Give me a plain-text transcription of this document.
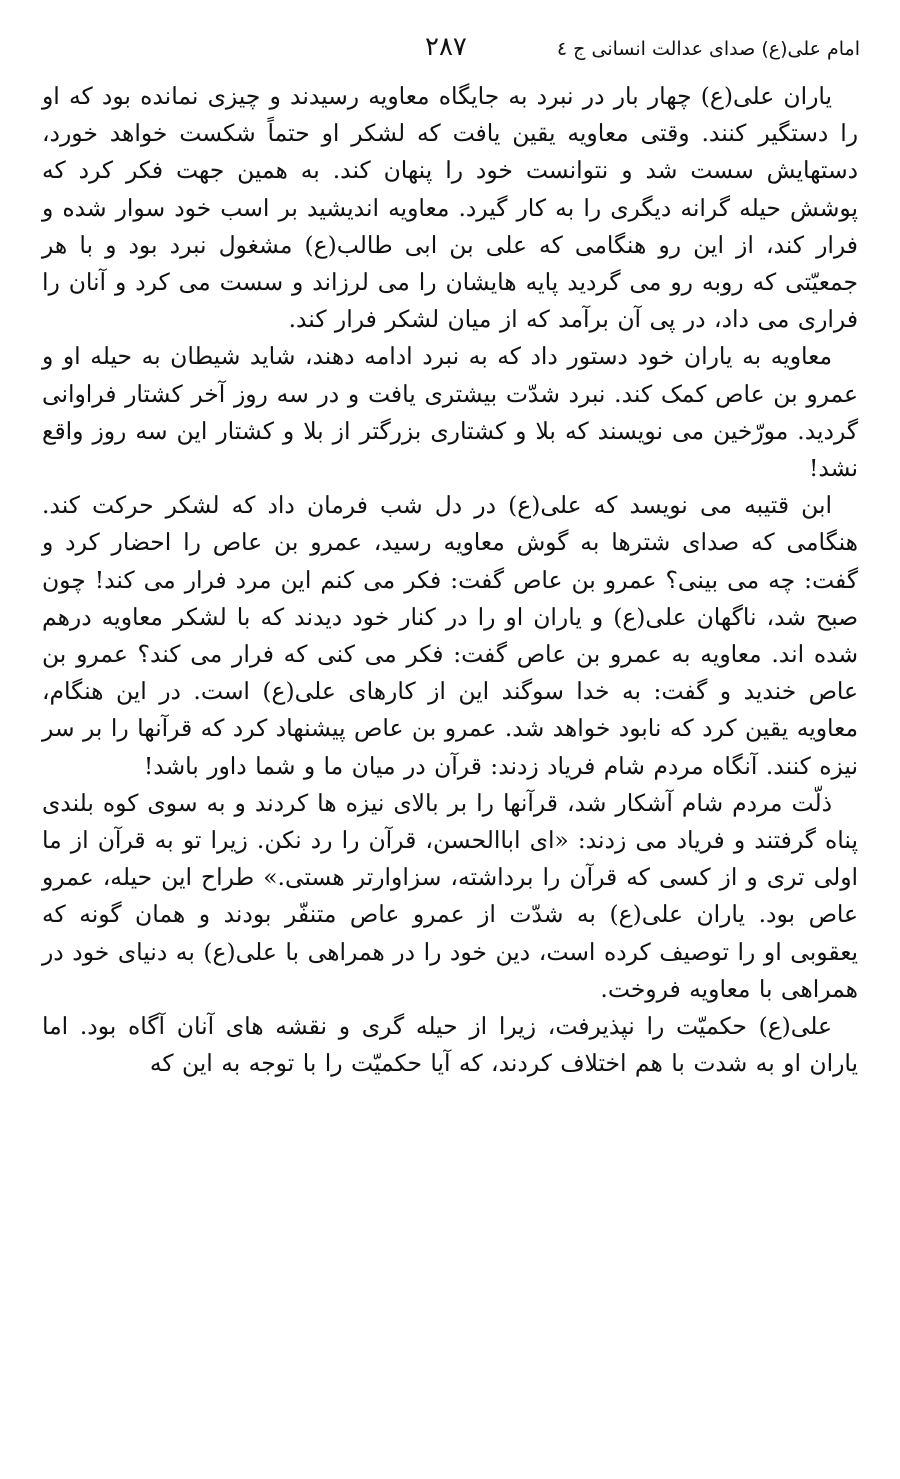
امام علی(ع) صدای عدالت انسانی ج ٤
٢٨٧

یاران علی(ع) چهار بار در نبرد به جایگاه معاویه رسیدند و چیزی نمانده بود که او را دستگیر کنند. وقتی معاویه یقین یافت که لشکر او حتماً شکست خواهد خورد، دستهایش سست شد و نتوانست خود را پنهان کند. به همین جهت فکر کرد که پوشش حیله گرانه دیگری را به کار گیرد. معاویه اندیشید بر اسب خود سوار شده و فرار کند، از این رو هنگامی که علی بن ابی طالب(ع) مشغول نبرد بود و با هر جمعیّتی که روبه رو می گردید پایه هایشان را می لرزاند و سست می کرد و آنان را فراری می داد، در پی آن برآمد که از میان لشکر فرار کند.

معاویه به یاران خود دستور داد که به نبرد ادامه دهند، شاید شیطان به حیله او و عمرو بن عاص کمک کند. نبرد شدّت بیشتری یافت و در سه روز آخر کشتار فراوانی گردید. مورّخین می نویسند که بلا و کشتاری بزرگتر از بلا و کشتار این سه روز واقع نشد!

ابن قتیبه می نویسد که علی(ع) در دل شب فرمان داد که لشکر حرکت کند. هنگامی که صدای شترها به گوش معاویه رسید، عمرو بن عاص را احضار کرد و گفت: چه می بینی؟ عمرو بن عاص گفت: فکر می کنم این مرد فرار می کند! چون صبح شد، ناگهان علی(ع) و یاران او را در کنار خود دیدند که با لشکر معاویه درهم شده اند. معاویه به عمرو بن عاص گفت: فکر می کنی که فرار می کند؟ عمرو بن عاص خندید و گفت: به خدا سوگند این از کارهای علی(ع) است. در این هنگام، معاویه یقین کرد که نابود خواهد شد. عمرو بن عاص پیشنهاد کرد که قرآنها را بر سر نیزه کنند. آنگاه مردم شام فریاد زدند: قرآن در میان ما و شما داور باشد!

ذلّت مردم شام آشکار شد، قرآنها را بر بالای نیزه ها کردند و به سوی کوه بلندی پناه گرفتند و فریاد می زدند: «ای اباالحسن، قرآن را رد نکن. زیرا تو به قرآن از ما اولی تری و از کسی که قرآن را برداشته، سزاوارتر هستی.» طراح این حیله، عمرو عاص بود. یاران علی(ع) به شدّت از عمرو عاص متنفّر بودند و همان گونه که یعقوبی او را توصیف کرده است، دین خود را در همراهی با علی(ع) به دنیای خود در همراهی با معاویه فروخت.

علی(ع) حکمیّت را نپذیرفت، زیرا از حیله گری و نقشه های آنان آگاه بود. اما یاران او به شدت با هم اختلاف کردند، که آیا حکمیّت را با توجه به این که
